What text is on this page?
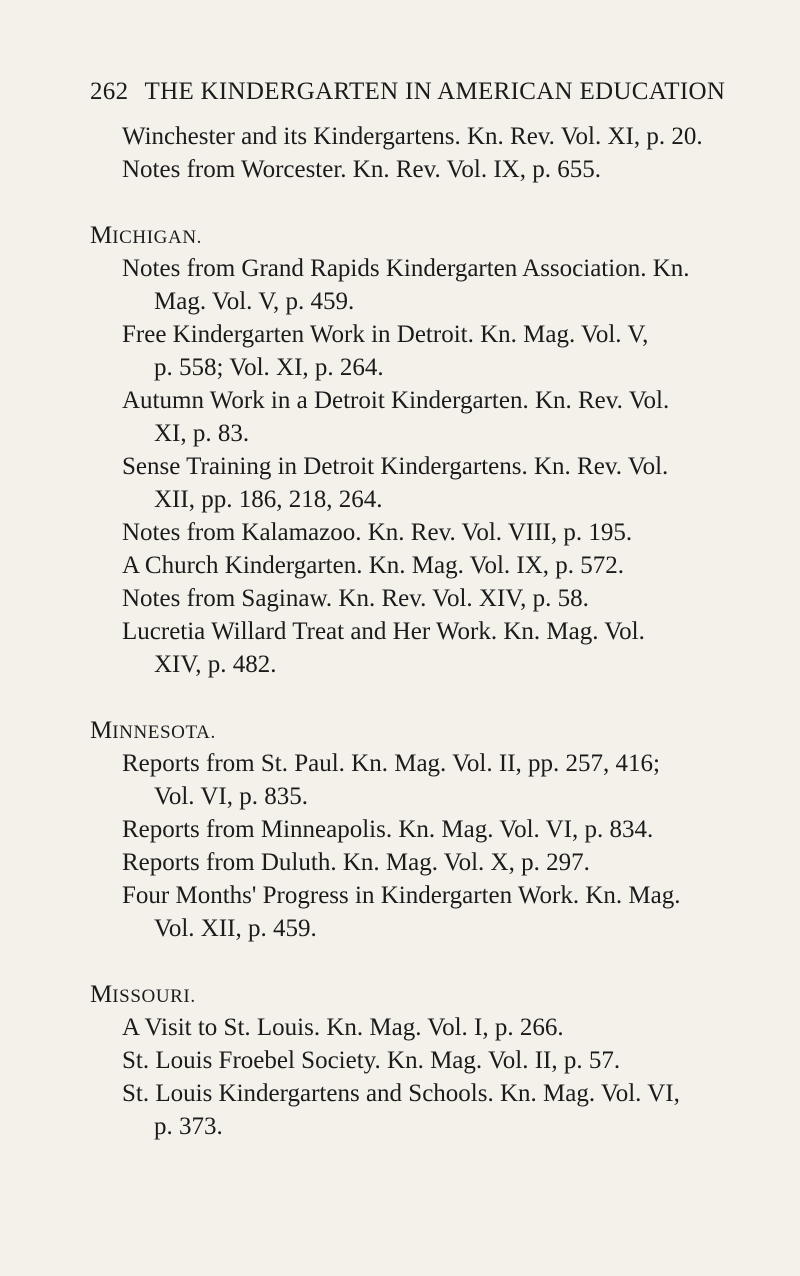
262 THE KINDERGARTEN IN AMERICAN EDUCATION
Winchester and its Kindergartens. Kn. Rev. Vol. XI, p. 20.
Notes from Worcester. Kn. Rev. Vol. IX, p. 655.
MICHIGAN.
Notes from Grand Rapids Kindergarten Association. Kn.
Mag. Vol. V, p. 459.
Free Kindergarten Work in Detroit. Kn. Mag. Vol. V,
p. 558; Vol. XI, p. 264.
Autumn Work in a Detroit Kindergarten. Kn. Rev. Vol.
XI, p. 83.
Sense Training in Detroit Kindergartens. Kn. Rev. Vol.
XII, pp. 186, 218, 264.
Notes from Kalamazoo. Kn. Rev. Vol. VIII, p. 195.
A Church Kindergarten. Kn. Mag. Vol. IX, p. 572.
Notes from Saginaw. Kn. Rev. Vol. XIV, p. 58.
Lucretia Willard Treat and Her Work. Kn. Mag. Vol.
XIV, p. 482.
MINNESOTA.
Reports from St. Paul. Kn. Mag. Vol. II, pp. 257, 416;
Vol. VI, p. 835.
Reports from Minneapolis. Kn. Mag. Vol. VI, p. 834.
Reports from Duluth. Kn. Mag. Vol. X, p. 297.
Four Months' Progress in Kindergarten Work. Kn. Mag.
Vol. XII, p. 459.
MISSOURI.
A Visit to St. Louis. Kn. Mag. Vol. I, p. 266.
St. Louis Froebel Society. Kn. Mag. Vol. II, p. 57.
St. Louis Kindergartens and Schools. Kn. Mag. Vol. VI,
p. 373.
